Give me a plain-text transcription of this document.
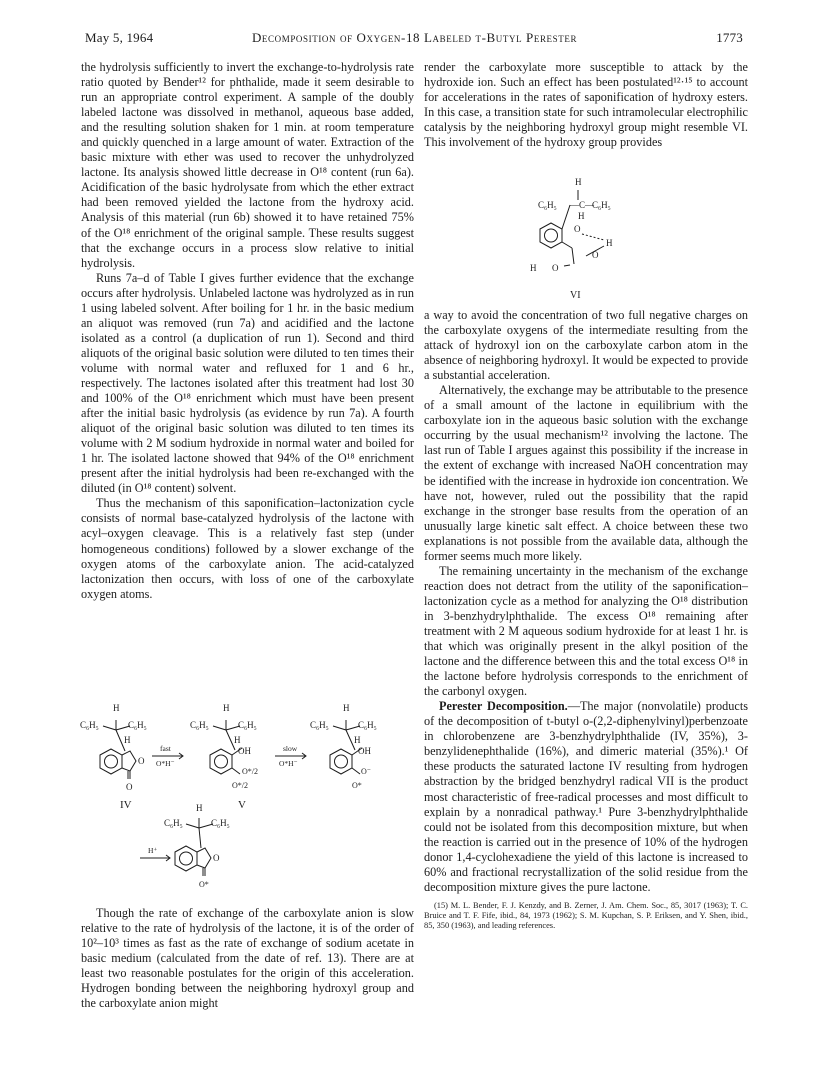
Decomposition of Oxygen-18 Labeled t-Butyl Perester
May 5, 1964	1773

the hydrolysis sufficiently to invert the exchange-to-hydrolysis rate ratio quoted by Bender¹² for phthalide, made it seem desirable to run an appropriate control experiment. A sample of the doubly labeled lactone was dissolved in methanol, aqueous base added, and the resulting solution shaken for 1 min. at room temperature and quickly quenched in a large amount of water. Extraction of the basic mixture with ether was used to recover the unhydrolyzed lactone. Its analysis showed little decrease in O¹⁸ content (run 6a). Acidification of the basic hydrolysate from which the ether extract had been removed yielded the lactone from the hydroxy acid. Analysis of this material (run 6b) showed it to have retained 75% of the O¹⁸ enrichment of the original sample. These results suggest that the exchange occurs in a process slow relative to initial hydrolysis.

Runs 7a–d of Table I gives further evidence that the exchange occurs after hydrolysis. Unlabeled lactone was hydrolyzed as in run 1 using labeled solvent. After boiling for 1 hr. in the basic medium an aliquot was removed (run 7a) and acidified and the lactone isolated as a control (a duplication of run 1). Second and third aliquots of the original basic solution were diluted to ten times their volume with normal water and refluxed for 1 and 6 hr., respectively. The lactones isolated after this treatment had lost 30 and 100% of the O¹⁸ enrichment which must have been present after the initial basic hydrolysis (as evidence by run 7a). A fourth aliquot of the original basic solution was diluted to ten times its volume with 2 M sodium hydroxide in normal water and boiled for 1 hr. The isolated lactone showed that 94% of the O¹⁸ enrichment present after the initial hydrolysis had been re-exchanged with the diluted (in O¹⁸ content) solvent.

Thus the mechanism of this saponification–lactonization cycle consists of normal base-catalyzed hydrolysis of the lactone with acyl–oxygen cleavage. This is a relatively fast step (under homogeneous conditions) followed by a slower exchange of the oxygen atoms of the carboxylate anion. The acid-catalyzed lactonization then occurs, with loss of one of the carboxylate oxygen atoms.

H
C₆H₅	C₆H₅
H
O
O
IV
fast
O*H⁻
H
C₆H₅	C₆H₅
H
OH
O*/2
O*/2
V
slow
O*H⁻
H
C₆H₅	C₆H₅
H
OH
O⁻
O*
H⁺
H
C₆H₅	C₆H₅
O
O*

Though the rate of exchange of the carboxylate anion is slow relative to the rate of hydrolysis of the lactone, it is of the order of 10²–10³ times as fast as the rate of exchange of sodium acetate in basic medium (calculated from the date of ref. 13). There are at least two reasonable postulates for the origin of this acceleration. Hydrogen bonding between the neighboring hydroxyl group and the carboxylate anion might

render the carboxylate more susceptible to attack by the hydroxide ion. Such an effect has been postulated¹²·¹⁵ to account for accelerations in the rates of saponification of hydroxy esters. In this case, a transition state for such intramolecular electrophilic catalysis by the neighboring hydroxyl group might resemble VI. This involvement of the hydroxy group provides

H
C₆H₅ —C—
C₆H₅
H
O
H
O
H O
VI

a way to avoid the concentration of two full negative charges on the carboxylate oxygens of the intermediate resulting from the attack of hydroxyl ion on the carboxylate carbon atom in the absence of neighboring hydroxyl. It would be expected to provide a substantial acceleration.

Alternatively, the exchange may be attributable to the presence of a small amount of the lactone in equilibrium with the carboxylate ion in the aqueous basic solution with the exchange occurring by the usual mechanism¹² involving the lactone. The last run of Table I argues against this possibility if the increase in the extent of exchange with increased NaOH concentration may be identified with the increase in hydroxide ion concentration. We have not, however, ruled out the possibility that the rapid exchange in the stronger base results from the operation of an unusually large kinetic salt effect. A choice between these two explanations is not possible from the available data, although the former seems much more likely.

The remaining uncertainty in the mechanism of the exchange reaction does not detract from the utility of the saponification–lactonization cycle as a method for analyzing the O¹⁸ distribution in 3-benzhydrylphthalide. The excess O¹⁸ remaining after treatment with 2 M aqueous sodium hydroxide for at least 1 hr. is that which was originally present in the alkyl position of the lactone and the difference between this and the total excess O¹⁸ in the lactone before hydrolysis corresponds to the enrichment of the carbonyl oxygen.

Perester Decomposition.—The major (nonvolatile) products of the decomposition of t-butyl o-(2,2-diphenylvinyl)perbenzoate in chlorobenzene are 3-benzhydrylphthalide (IV, 35%), 3-benzylidenephthalide (16%), and dimeric material (35%).¹ Of these products the saturated lactone IV resulting from hydrogen abstraction by the bridged benzhydryl radical VII is the product most characteristic of free-radical processes and most difficult to explain by a nonradical pathway.¹ Pure 3-benzhydrylphthalide could not be isolated from this decomposition mixture, but when the reaction is carried out in the presence of 10% of the hydrogen donor 1,4-cyclohexadiene the yield of this lactone is increased to 60% and fractional recrystallization of the solid residue from the decomposition mixture gives the pure lactone.

(15) M. L. Bender, F. J. Kenzdy, and B. Zerner, J. Am. Chem. Soc., 85, 3017 (1963); T. C. Bruice and T. F. Fife, ibid., 84, 1973 (1962); S. M. Kupchan, S. P. Eriksen, and Y. Shen, ibid., 85, 350 (1963), and leading references.
